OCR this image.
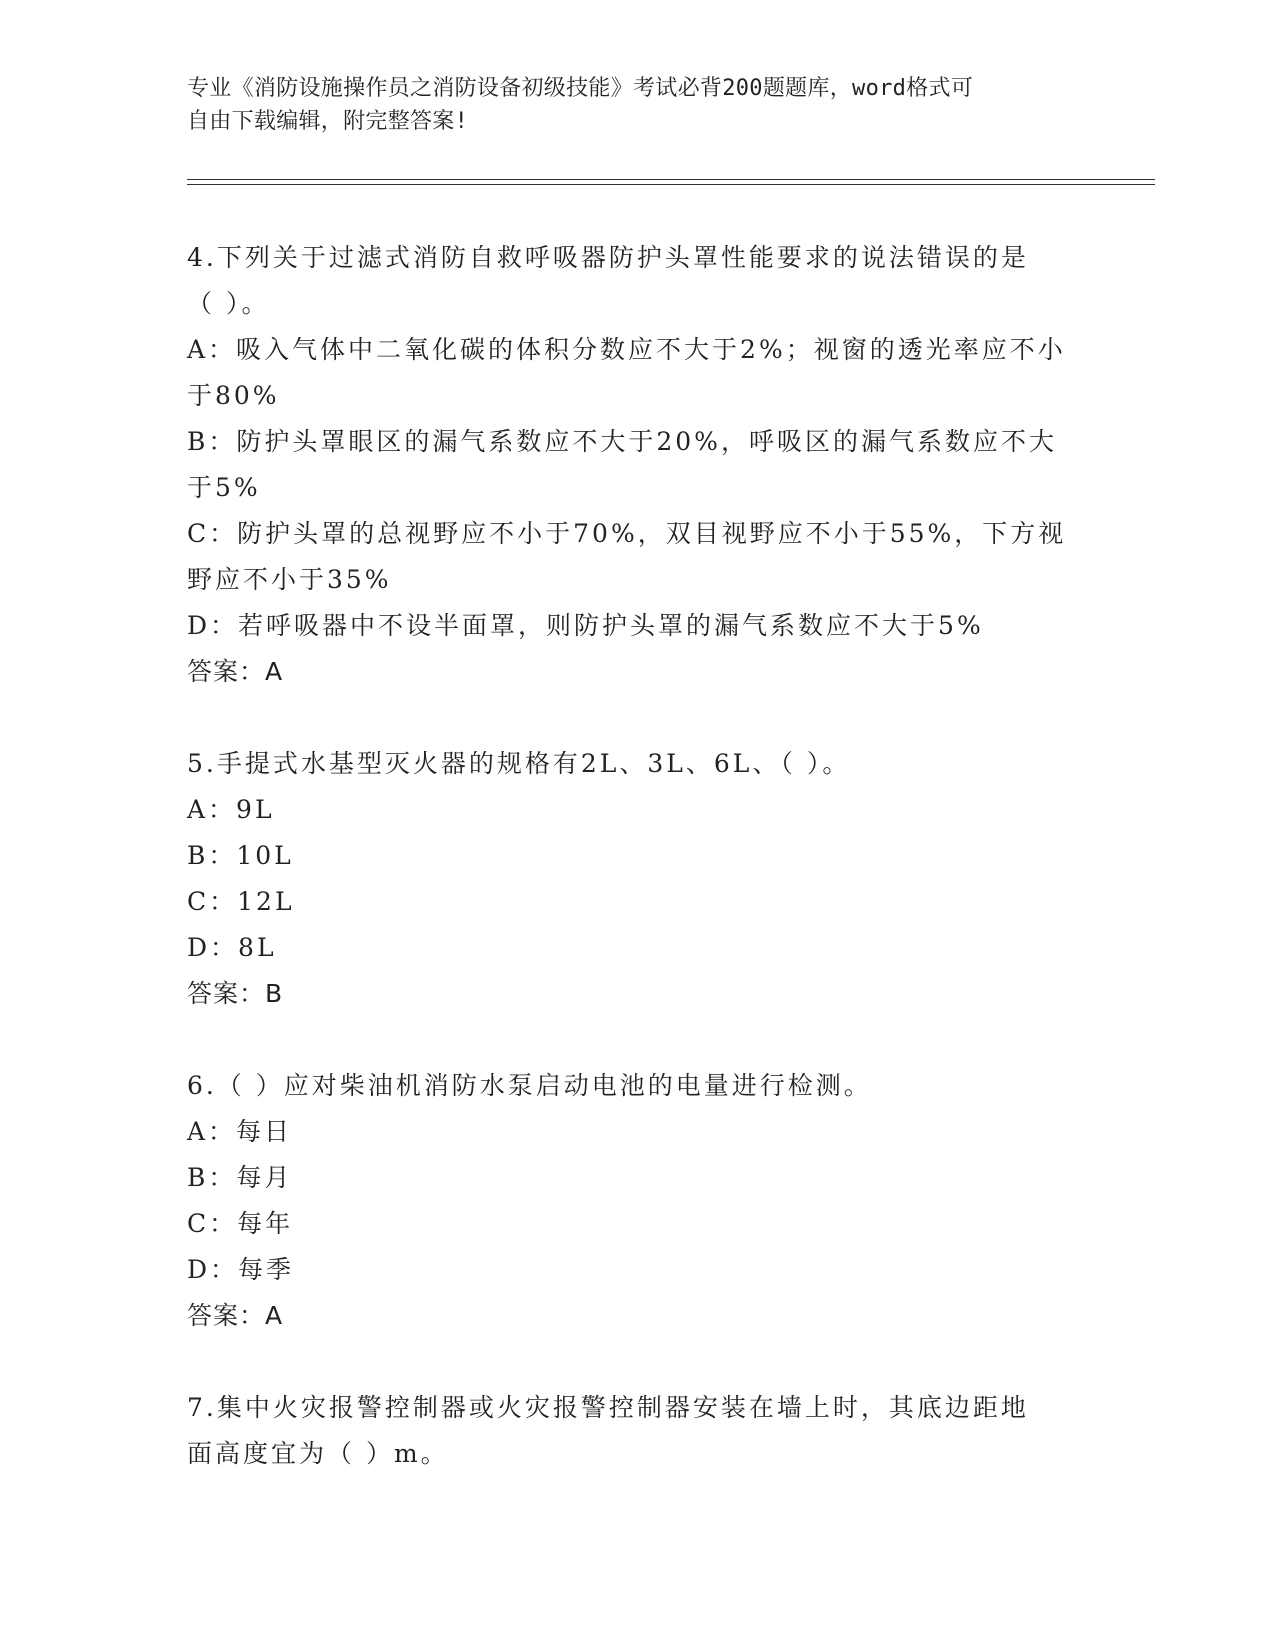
专业《消防设施操作员之消防设备初级技能》考试必背200题题库，word格式可
自由下载编辑，附完整答案!
4.下列关于过滤式消防自救呼吸器防护头罩性能要求的说法错误的是
（ ）。
A：吸入气体中二氧化碳的体积分数应不大于2%；视窗的透光率应不小
于80%
B：防护头罩眼区的漏气系数应不大于20%，呼吸区的漏气系数应不大
于5%
C：防护头罩的总视野应不小于70%，双目视野应不小于55%，下方视
野应不小于35%
D：若呼吸器中不设半面罩，则防护头罩的漏气系数应不大于5%
答案：A
5.手提式水基型灭火器的规格有2L、3L、6L、（ ）。
A：9L
B：10L
C：12L
D：8L
答案：B
6.（ ）应对柴油机消防水泵启动电池的电量进行检测。
A：每日
B：每月
C：每年
D：每季
答案：A
7.集中火灾报警控制器或火灾报警控制器安装在墙上时，其底边距地
面高度宜为（ ）m。
